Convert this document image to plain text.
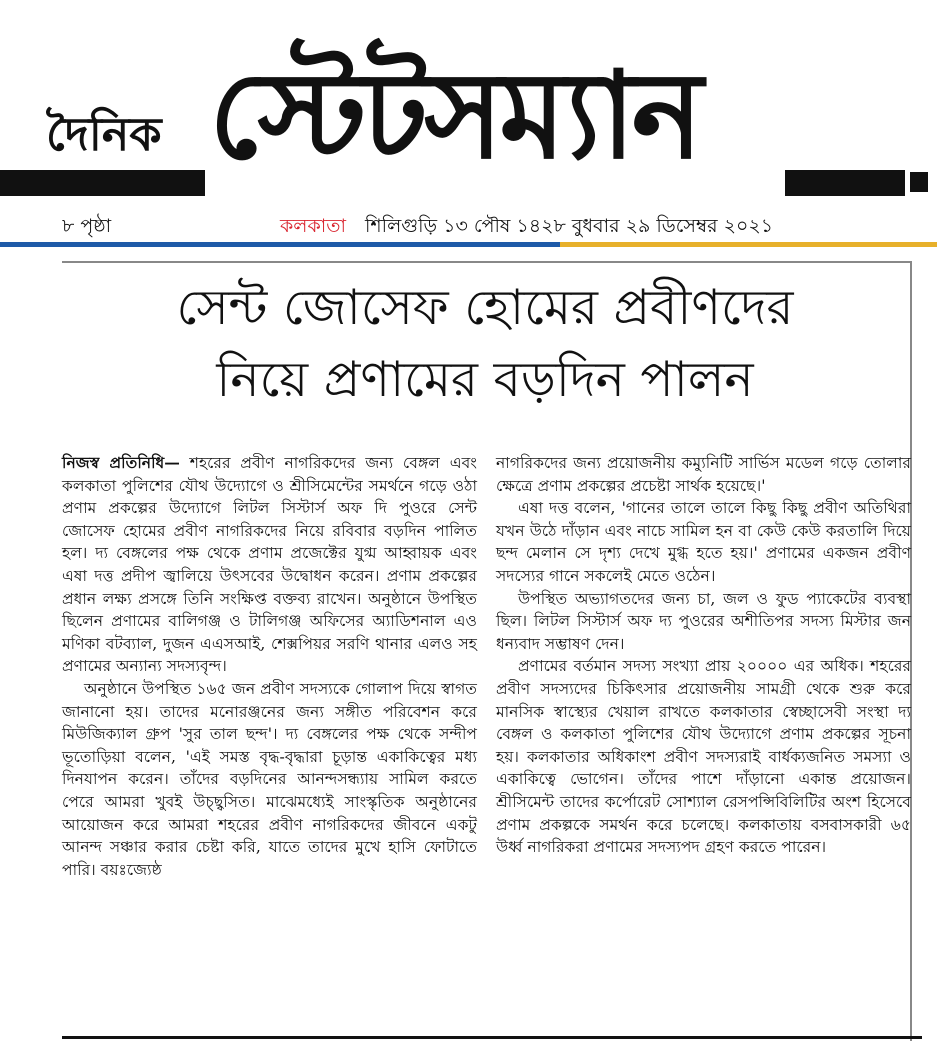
দৈনিক স্টেটসম্যান
৮ পৃষ্ঠা	কলকাতা শিলিগুড়ি ১৩ পৌষ ১৪২৮ বুধবার ২৯ ডিসেম্বর ২০২১
সেন্ট জোসেফ হোমের প্রবীণদের
নিয়ে প্রণামের বড়দিন পালন

নিজস্ব প্রতিনিধি— শহরের প্রবীণ নাগরিকদের জন্য বেঙ্গল এবং কলকাতা পুলিশের যৌথ উদ্যোগে ও শ্রীসিমেন্টের সমর্থনে গড়ে ওঠা প্রণাম প্রকল্পের উদ্যোগে লিটল সিস্টার্স অফ দি পুওরে সেন্ট জোসেফ হোমের প্রবীণ নাগরিকদের নিয়ে রবিবার বড়দিন পালিত হল। দ্য বেঙ্গলের পক্ষ থেকে প্রণাম প্রজেক্টের যুগ্ম আহ্বায়ক এবং এষা দত্ত প্রদীপ জ্বালিয়ে উৎসবের উদ্বোধন করেন। প্রণাম প্রকল্পের প্রধান লক্ষ্য প্রসঙ্গে তিনি সংক্ষিপ্ত বক্তব্য রাখেন। অনুষ্ঠানে উপস্থিত ছিলেন প্রণামের বালিগঞ্জ ও টালিগঞ্জ অফিসের অ্যাডিশনাল এও মণিকা বটব্যাল, দুজন এএসআই, শেক্সপিয়র সরণি থানার এলও সহ প্রণামের অন্যান্য সদস্যবৃন্দ।

অনুষ্ঠানে উপস্থিত ১৬৫ জন প্রবীণ সদস্যকে গোলাপ দিয়ে স্বাগত জানানো হয়। তাদের মনোরঞ্জনের জন্য সঙ্গীত পরিবেশন করে মিউজিক্যাল গ্রুপ 'সুর তাল ছন্দ'। দ্য বেঙ্গলের পক্ষ থেকে সন্দীপ ভূতোড়িয়া বলেন, 'এই সমস্ত বৃদ্ধ-বৃদ্ধারা চূড়ান্ত একাকিত্বের মধ্য দিনযাপন করেন। তাঁদের বড়দিনের আনন্দসন্ধ্যায় সামিল করতে পেরে আমরা খুবই উচ্ছ্বসিত। মাঝেমধ্যেই সাংস্কৃতিক অনুষ্ঠানের আয়োজন করে আমরা শহরের প্রবীণ নাগরিকদের জীবনে একটু আনন্দ সঞ্চার করার চেষ্টা করি, যাতে তাদের মুখে হাসি ফোটাতে পারি। বয়ঃজ্যেষ্ঠ

নাগরিকদের জন্য প্রয়োজনীয় কম্যুনিটি সার্ভিস মডেল গড়ে তোলার ক্ষেত্রে প্রণাম প্রকল্পের প্রচেষ্টা সার্থক হয়েছে।'

এষা দত্ত বলেন, 'গানের তালে তালে কিছু কিছু প্রবীণ অতিথিরা যখন উঠে দাঁড়ান এবং নাচে সামিল হন বা কেউ কেউ করতালি দিয়ে ছন্দ মেলান সে দৃশ্য দেখে মুগ্ধ হতে হয়।' প্রণামের একজন প্রবীণ সদস্যের গানে সকলেই মেতে ওঠেন।

উপস্থিত অভ্যাগতদের জন্য চা, জল ও ফুড প্যাকেটের ব্যবস্থা ছিল। লিটল সিস্টার্স অফ দ্য পুওরের অশীতিপর সদস্য মিস্টার জন ধন্যবাদ সম্ভাষণ দেন।

প্রণামের বর্তমান সদস্য সংখ্যা প্রায় ২০০০০ এর অধিক। শহরের প্রবীণ সদস্যদের চিকিৎসার প্রয়োজনীয় সামগ্রী থেকে শুরু করে মানসিক স্বাস্থ্যের খেয়াল রাখতে কলকাতার স্বেচ্ছাসেবী সংস্থা দ্য বেঙ্গল ও কলকাতা পুলিশের যৌথ উদ্যোগে প্রণাম প্রকল্পের সূচনা হয়। কলকাতার অধিকাংশ প্রবীণ সদস্যরাই বার্ধক্যজনিত সমস্যা ও একাকিত্বে ভোগেন। তাঁদের পাশে দাঁড়ানো একান্ত প্রয়োজন। শ্রীসিমেন্ট তাদের কর্পোরেট সোশ্যাল রেসপন্সিবিলিটির অংশ হিসেবে প্রণাম প্রকল্পকে সমর্থন করে চলেছে। কলকাতায় বসবাসকারী ৬৫ উর্ধ্ব নাগরিকরা প্রণামের সদস্যপদ গ্রহণ করতে পারেন।
